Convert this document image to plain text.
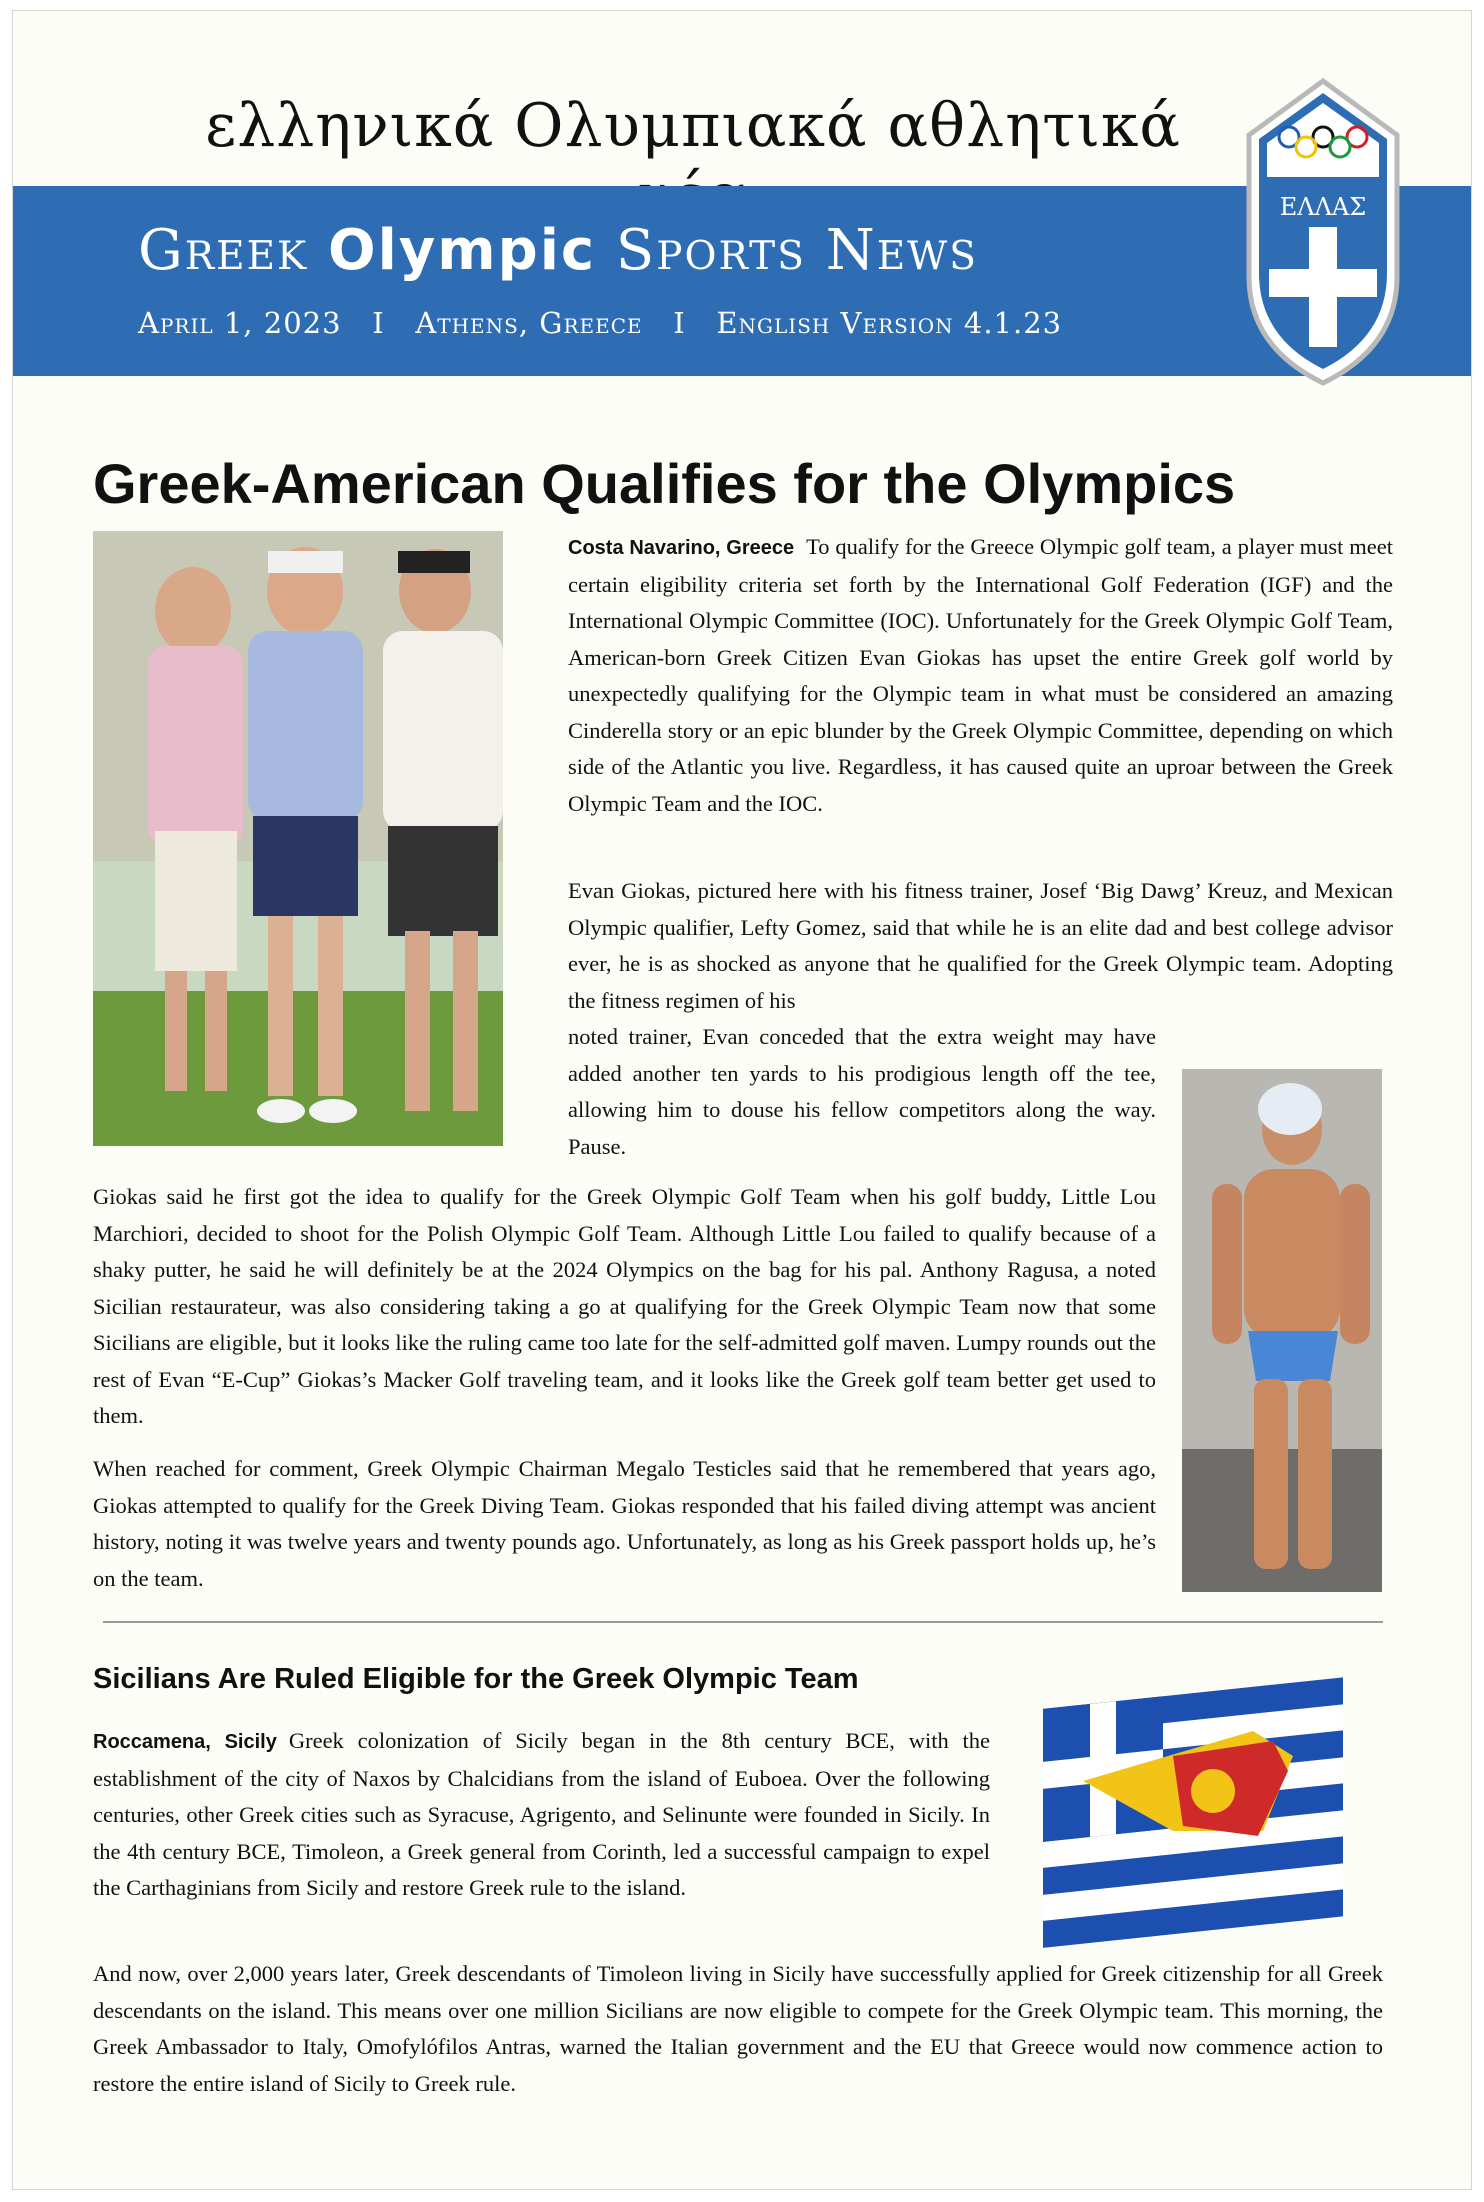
ελληνικά Ολυμπιακά αθλητικά
Greek Olympic Sports News
April 1, 2023   I   Athens, Greece   I   English Version 4.1.23
ΕΛΛΑΣ
Greek-American Qualifies for the Olympics
Costa Navarino, Greece To qualify for the Greece Olympic golf team, a player must meet certain eligibility criteria set forth by the International Golf Federation (IGF) and the International Olympic Committee (IOC). Unfortunately for the Greek Olympic Golf Team, American-born Greek Citizen Evan Giokas has upset the entire Greek golf world by unexpectedly qualifying for the Olympic team in what must be considered an amazing Cinderella story or an epic blunder by the Greek Olympic Committee, depending on which side of the Atlantic you live. Regardless, it has caused quite an uproar between the Greek Olympic Team and the IOC.
Evan Giokas, pictured here with his fitness trainer, Josef ‘Big Dawg’ Kreuz, and Mexican Olympic qualifier, Lefty Gomez, said that while he is an elite dad and best college advisor ever, he is as shocked as anyone that he qualified for the Greek Olympic team. Adopting the fitness regimen of his
noted trainer, Evan conceded that the extra weight may have added another ten yards to his prodigious length off the tee, allowing him to douse his fellow competitors along the way. Pause.
Giokas said he first got the idea to qualify for the Greek Olympic Golf Team when his golf buddy, Little Lou Marchiori, decided to shoot for the Polish Olympic Golf Team. Although Little Lou failed to qualify because of a shaky putter, he said he will definitely be at the 2024 Olympics on the bag for his pal. Anthony Ragusa, a noted Sicilian restaurateur, was also considering taking a go at qualifying for the Greek Olympic Team now that some Sicilians are eligible, but it looks like the ruling came too late for the self-admitted golf maven. Lumpy rounds out the rest of Evan “E-Cup” Giokas’s Macker Golf traveling team, and it looks like the Greek golf team better get used to them.
When reached for comment, Greek Olympic Chairman Megalo Testicles said that he remembered that years ago, Giokas attempted to qualify for the Greek Diving Team. Giokas responded that his failed diving attempt was ancient history, noting it was twelve years and twenty pounds ago. Unfortunately, as long as his Greek passport holds up, he’s on the team.
Sicilians Are Ruled Eligible for the Greek Olympic Team
Roccamena, Sicily Greek colonization of Sicily began in the 8th century BCE, with the establishment of the city of Naxos by Chalcidians from the island of Euboea. Over the following centuries, other Greek cities such as Syracuse, Agrigento, and Selinunte were founded in Sicily. In the 4th century BCE, Timoleon, a Greek general from Corinth, led a successful campaign to expel the Carthaginians from Sicily and restore Greek rule to the island.
And now, over 2,000 years later, Greek descendants of Timoleon living in Sicily have successfully applied for Greek citizenship for all Greek descendants on the island. This means over one million Sicilians are now eligible to compete for the Greek Olympic team. This morning, the Greek Ambassador to Italy, Omofylófilos Antras, warned the Italian government and the EU that Greece would now commence action to restore the entire island of Sicily to Greek rule.
